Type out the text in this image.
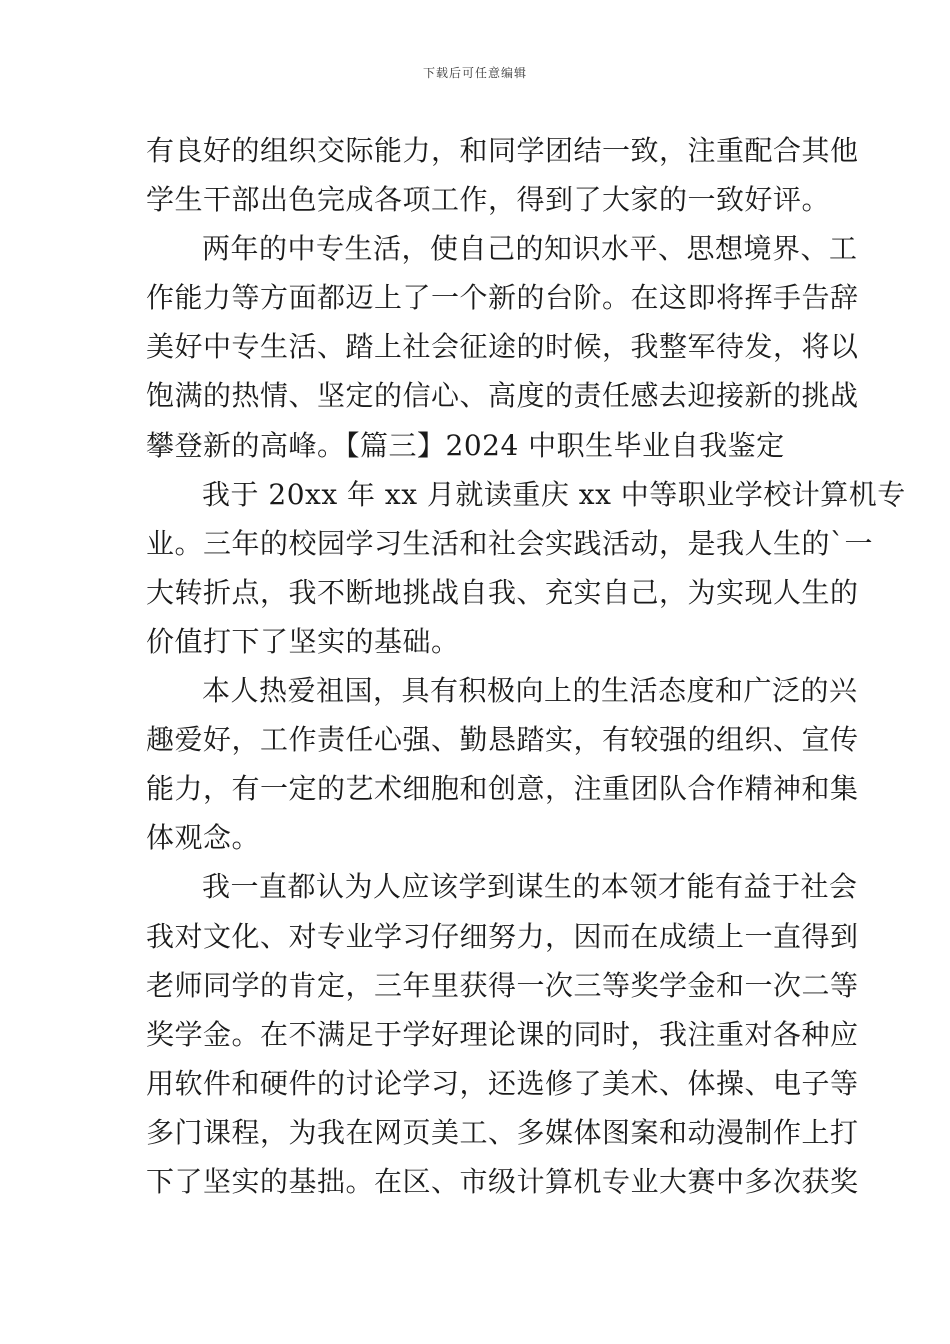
下载后可任意编辑
有良好的组织交际能力，和同学团结一致，注重配合其他
学生干部出色完成各项工作，得到了大家的一致好评。
两年的中专生活，使自己的知识水平、思想境界、工
作能力等方面都迈上了一个新的台阶。在这即将挥手告辞
美好中专生活、踏上社会征途的时候，我整军待发，将以
饱满的热情、坚定的信心、高度的责任感去迎接新的挑战
攀登新的高峰。【篇三】2024 中职生毕业自我鉴定
我于 20xx 年 xx 月就读重庆 xx 中等职业学校计算机专
业。三年的校园学习生活和社会实践活动，是我人生的`一
大转折点，我不断地挑战自我、充实自己，为实现人生的
价值打下了坚实的基础。
本人热爱祖国，具有积极向上的生活态度和广泛的兴
趣爱好，工作责任心强、勤恳踏实，有较强的组织、宣传
能力，有一定的艺术细胞和创意，注重团队合作精神和集
体观念。
我一直都认为人应该学到谋生的本领才能有益于社会
我对文化、对专业学习仔细努力，因而在成绩上一直得到
老师同学的肯定，三年里获得一次三等奖学金和一次二等
奖学金。在不满足于学好理论课的同时，我注重对各种应
用软件和硬件的讨论学习，还选修了美术、体操、电子等
多门课程，为我在网页美工、多媒体图案和动漫制作上打
下了坚实的基拙。在区、市级计算机专业大赛中多次获奖
